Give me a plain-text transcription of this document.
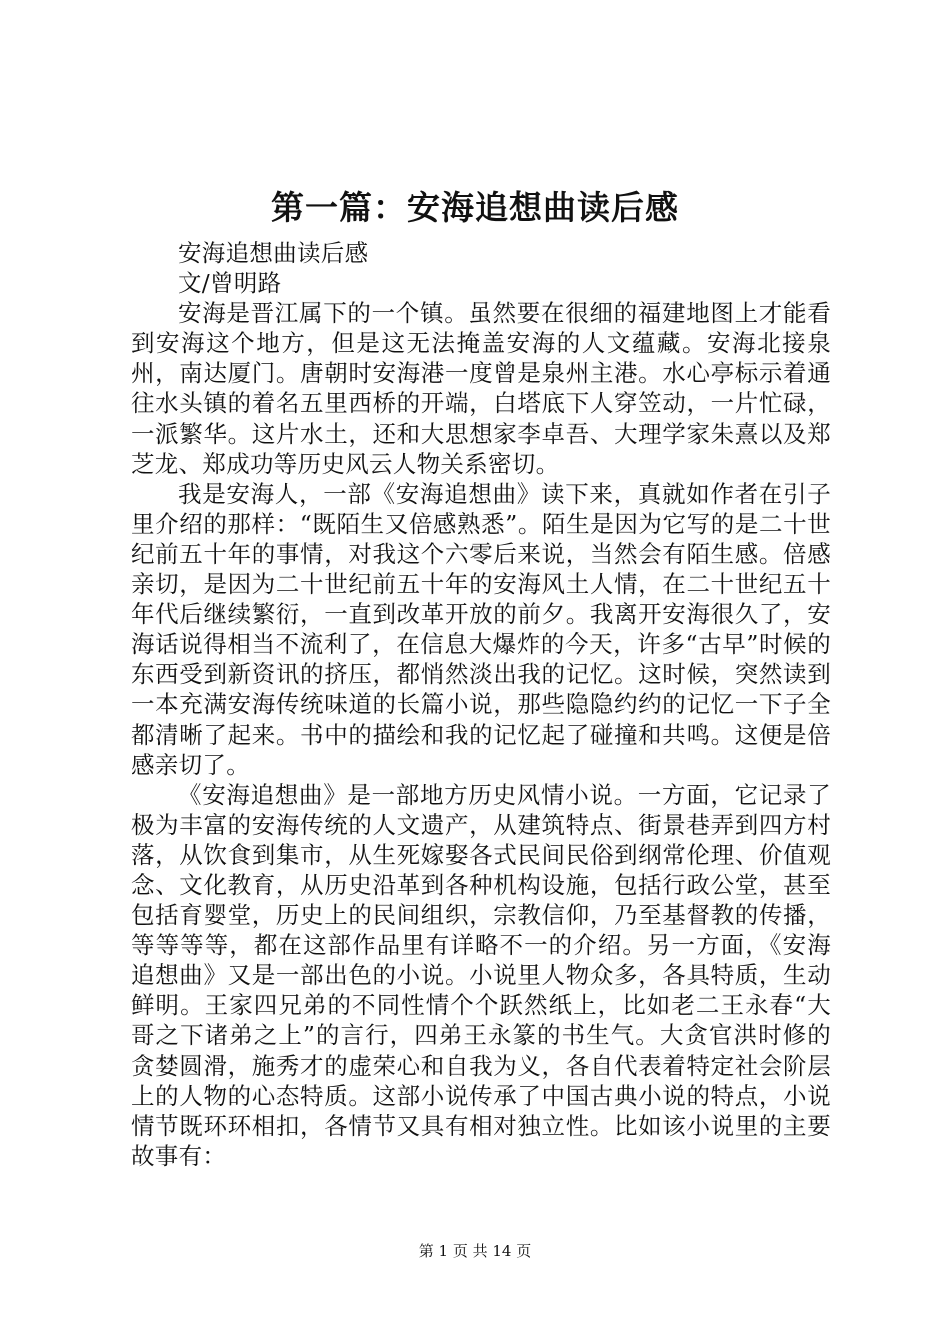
第一篇：安海追想曲读后感

安海追想曲读后感

文/曾明路

安海是晋江属下的一个镇。虽然要在很细的福建地图上才能看到安海这个地方，但是这无法掩盖安海的人文蕴藏。安海北接泉州，南达厦门。唐朝时安海港一度曾是泉州主港。水心亭标示着通往水头镇的着名五里西桥的开端，白塔底下人穿笠动，一片忙碌，一派繁华。这片水土，还和大思想家李卓吾、大理学家朱熹以及郑芝龙、郑成功等历史风云人物关系密切。

我是安海人，一部《安海追想曲》读下来，真就如作者在引子里介绍的那样：“既陌生又倍感熟悉”。陌生是因为它写的是二十世纪前五十年的事情，对我这个六零后来说，当然会有陌生感。倍感亲切，是因为二十世纪前五十年的安海风土人情，在二十世纪五十年代后继续繁衍，一直到改革开放的前夕。我离开安海很久了，安海话说得相当不流利了，在信息大爆炸的今天，许多“古早”时候的东西受到新资讯的挤压，都悄然淡出我的记忆。这时候，突然读到一本充满安海传统味道的长篇小说，那些隐隐约约的记忆一下子全都清晰了起来。书中的描绘和我的记忆起了碰撞和共鸣。这便是倍感亲切了。

《安海追想曲》是一部地方历史风情小说。一方面，它记录了极为丰富的安海传统的人文遗产，从建筑特点、街景巷弄到四方村落，从饮食到集市，从生死嫁娶各式民间民俗到纲常伦理、价值观念、文化教育，从历史沿革到各种机构设施，包括行政公堂，甚至包括育婴堂，历史上的民间组织，宗教信仰，乃至基督教的传播，等等等等，都在这部作品里有详略不一的介绍。另一方面，《安海追想曲》又是一部出色的小说。小说里人物众多，各具特质，生动鲜明。王家四兄弟的不同性情个个跃然纸上，比如老二王永春“大哥之下诸弟之上”的言行，四弟王永篆的书生气。大贪官洪时修的贪婪圆滑，施秀才的虚荣心和自我为义，各自代表着特定社会阶层上的人物的心态特质。这部小说传承了中国古典小说的特点，小说情节既环环相扣，各情节又具有相对独立性。比如该小说里的主要故事有：

第 1 页 共 14 页
